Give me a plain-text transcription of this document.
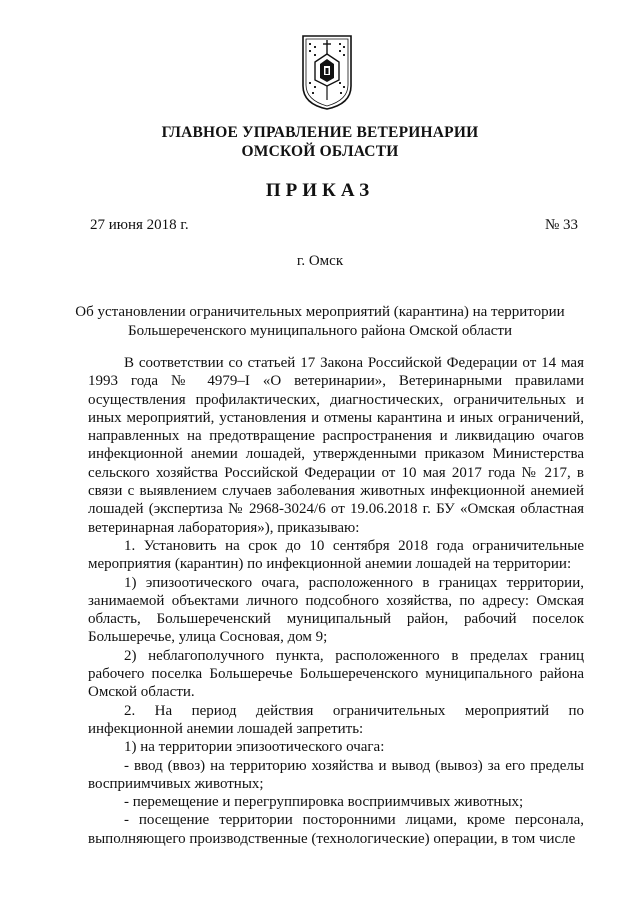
ГЛАВНОЕ УПРАВЛЕНИЕ ВЕТЕРИНАРИИ
ОМСКОЙ ОБЛАСТИ
ПРИКАЗ
27 июня 2018 г.	№ 33
г. Омск
Об установлении ограничительных мероприятий (карантина) на территории Большереченского муниципального района Омской области

В соответствии со статьей 17 Закона Российской Федерации от 14 мая 1993 года № 4979–I «О ветеринарии», Ветеринарными правилами осуществления профилактических, диагностических, ограничительных и иных мероприятий, установления и отмены карантина и иных ограничений, направленных на предотвращение распространения и ликвидацию очагов инфекционной анемии лошадей, утвержденными приказом Министерства сельского хозяйства Российской Федерации от 10 мая 2017 года № 217, в связи с выявлением случаев заболевания животных инфекционной анемией лошадей (экспертиза № 2968-3024/6 от 19.06.2018 г. БУ «Омская областная ветеринарная лаборатория»), приказываю:

1. Установить на срок до 10 сентября 2018 года ограничительные мероприятия (карантин) по инфекционной анемии лошадей на территории:

1) эпизоотического очага, расположенного в границах территории, занимаемой объектами личного подсобного хозяйства, по адресу: Омская область, Большереченский муниципальный район, рабочий поселок Большеречье, улица Сосновая, дом 9;

2) неблагополучного пункта, расположенного в пределах границ рабочего поселка Большеречье Большереченского муниципального района Омской области.

2. На период действия ограничительных мероприятий по инфекционной анемии лошадей запретить:

1) на территории эпизоотического очага:

- ввод (ввоз) на территорию хозяйства и вывод (вывоз) за его пределы восприимчивых животных;

- перемещение и перегруппировка восприимчивых животных;

- посещение территории посторонними лицами, кроме персонала, выполняющего производственные (технологические) операции, в том числе
